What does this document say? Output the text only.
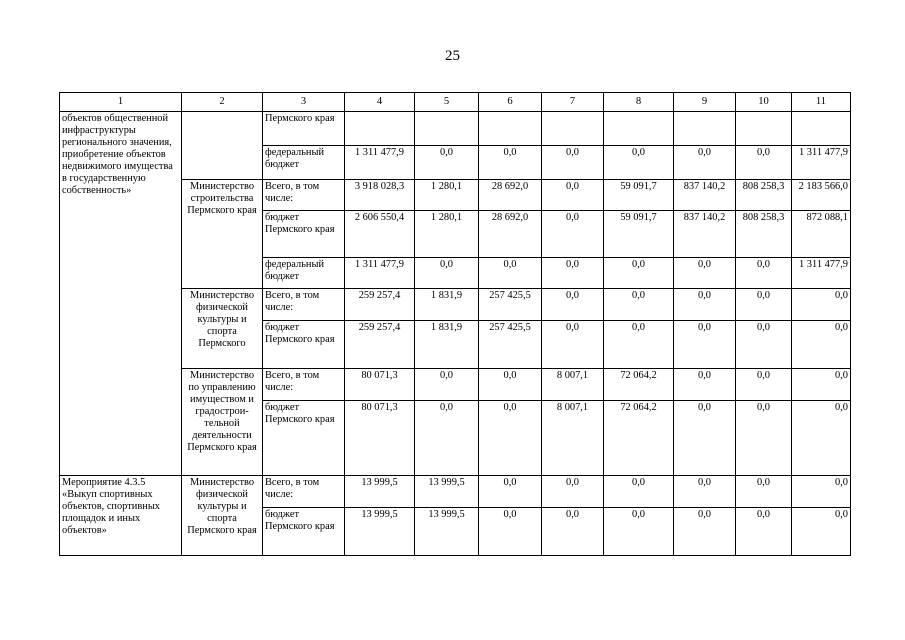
25
1	2	3	4	5	6	7	8	9	10	11
объектов общественной инфраструктуры регионального значения, приобретение объектов недвижимого имущества в государственную собственность»		Пермского края								
		федеральный бюджет	1 311 477,9	0,0	0,0	0,0	0,0	0,0	0,0	1 311 477,9
	Министерство строительства Пермского края	Всего, в том числе:	3 918 028,3	1 280,1	28 692,0	0,0	59 091,7	837 140,2	808 258,3	2 183 566,0
		бюджет Пермского края	2 606 550,4	1 280,1	28 692,0	0,0	59 091,7	837 140,2	808 258,3	872 088,1
		федеральный бюджет	1 311 477,9	0,0	0,0	0,0	0,0	0,0	0,0	1 311 477,9
	Министерство физической культуры и спорта Пермского	Всего, в том числе:	259 257,4	1 831,9	257 425,5	0,0	0,0	0,0	0,0	0,0
		бюджет Пермского края	259 257,4	1 831,9	257 425,5	0,0	0,0	0,0	0,0	0,0
	Министерство по управлению имуществом и градострои-тельной деятельности Пермского края	Всего, в том числе:	80 071,3	0,0	0,0	8 007,1	72 064,2	0,0	0,0	0,0
		бюджет Пермского края	80 071,3	0,0	0,0	8 007,1	72 064,2	0,0	0,0	0,0
Мероприятие 4.3.5 «Выкуп спортивных объектов, спортивных площадок и иных объектов»	Министерство физической культуры и спорта Пермского края	Всего, в том числе:	13 999,5	13 999,5	0,0	0,0	0,0	0,0	0,0	0,0
		бюджет Пермского края	13 999,5	13 999,5	0,0	0,0	0,0	0,0	0,0	0,0
